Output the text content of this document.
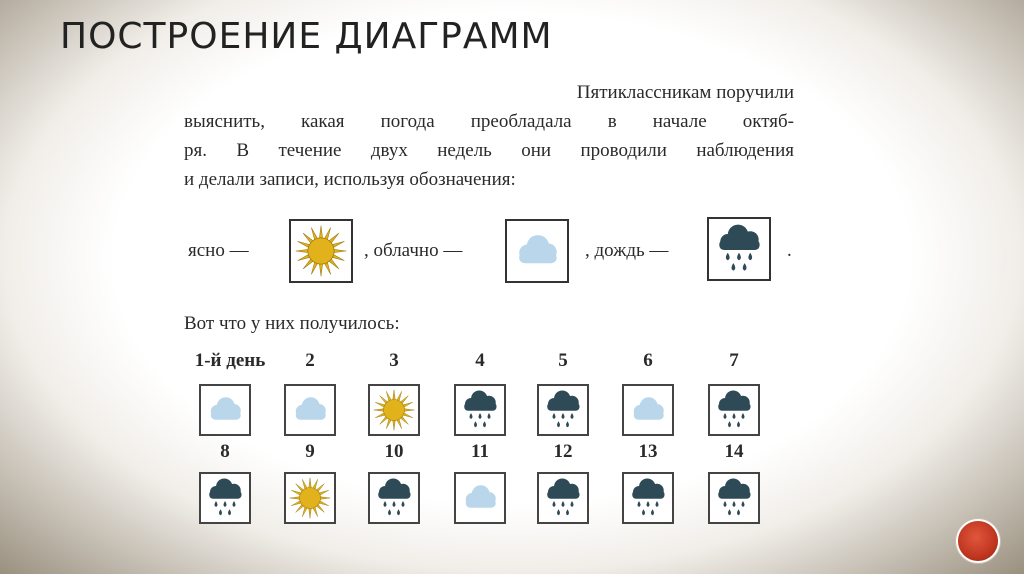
ПОСТРОЕНИЕ ДИАГРАММ
Пятиклассникам поручили
выяснить, какая погода преобладала в начале октяб-
ря. В течение двух недель они проводили наблюдения
и делали записи, используя обозначения:
ясно —	, облачно —	, дождь —	.
Вот что у них получилось:
1-й день 2	3	4	5	6	7
8	9	10	11	12	13	14
